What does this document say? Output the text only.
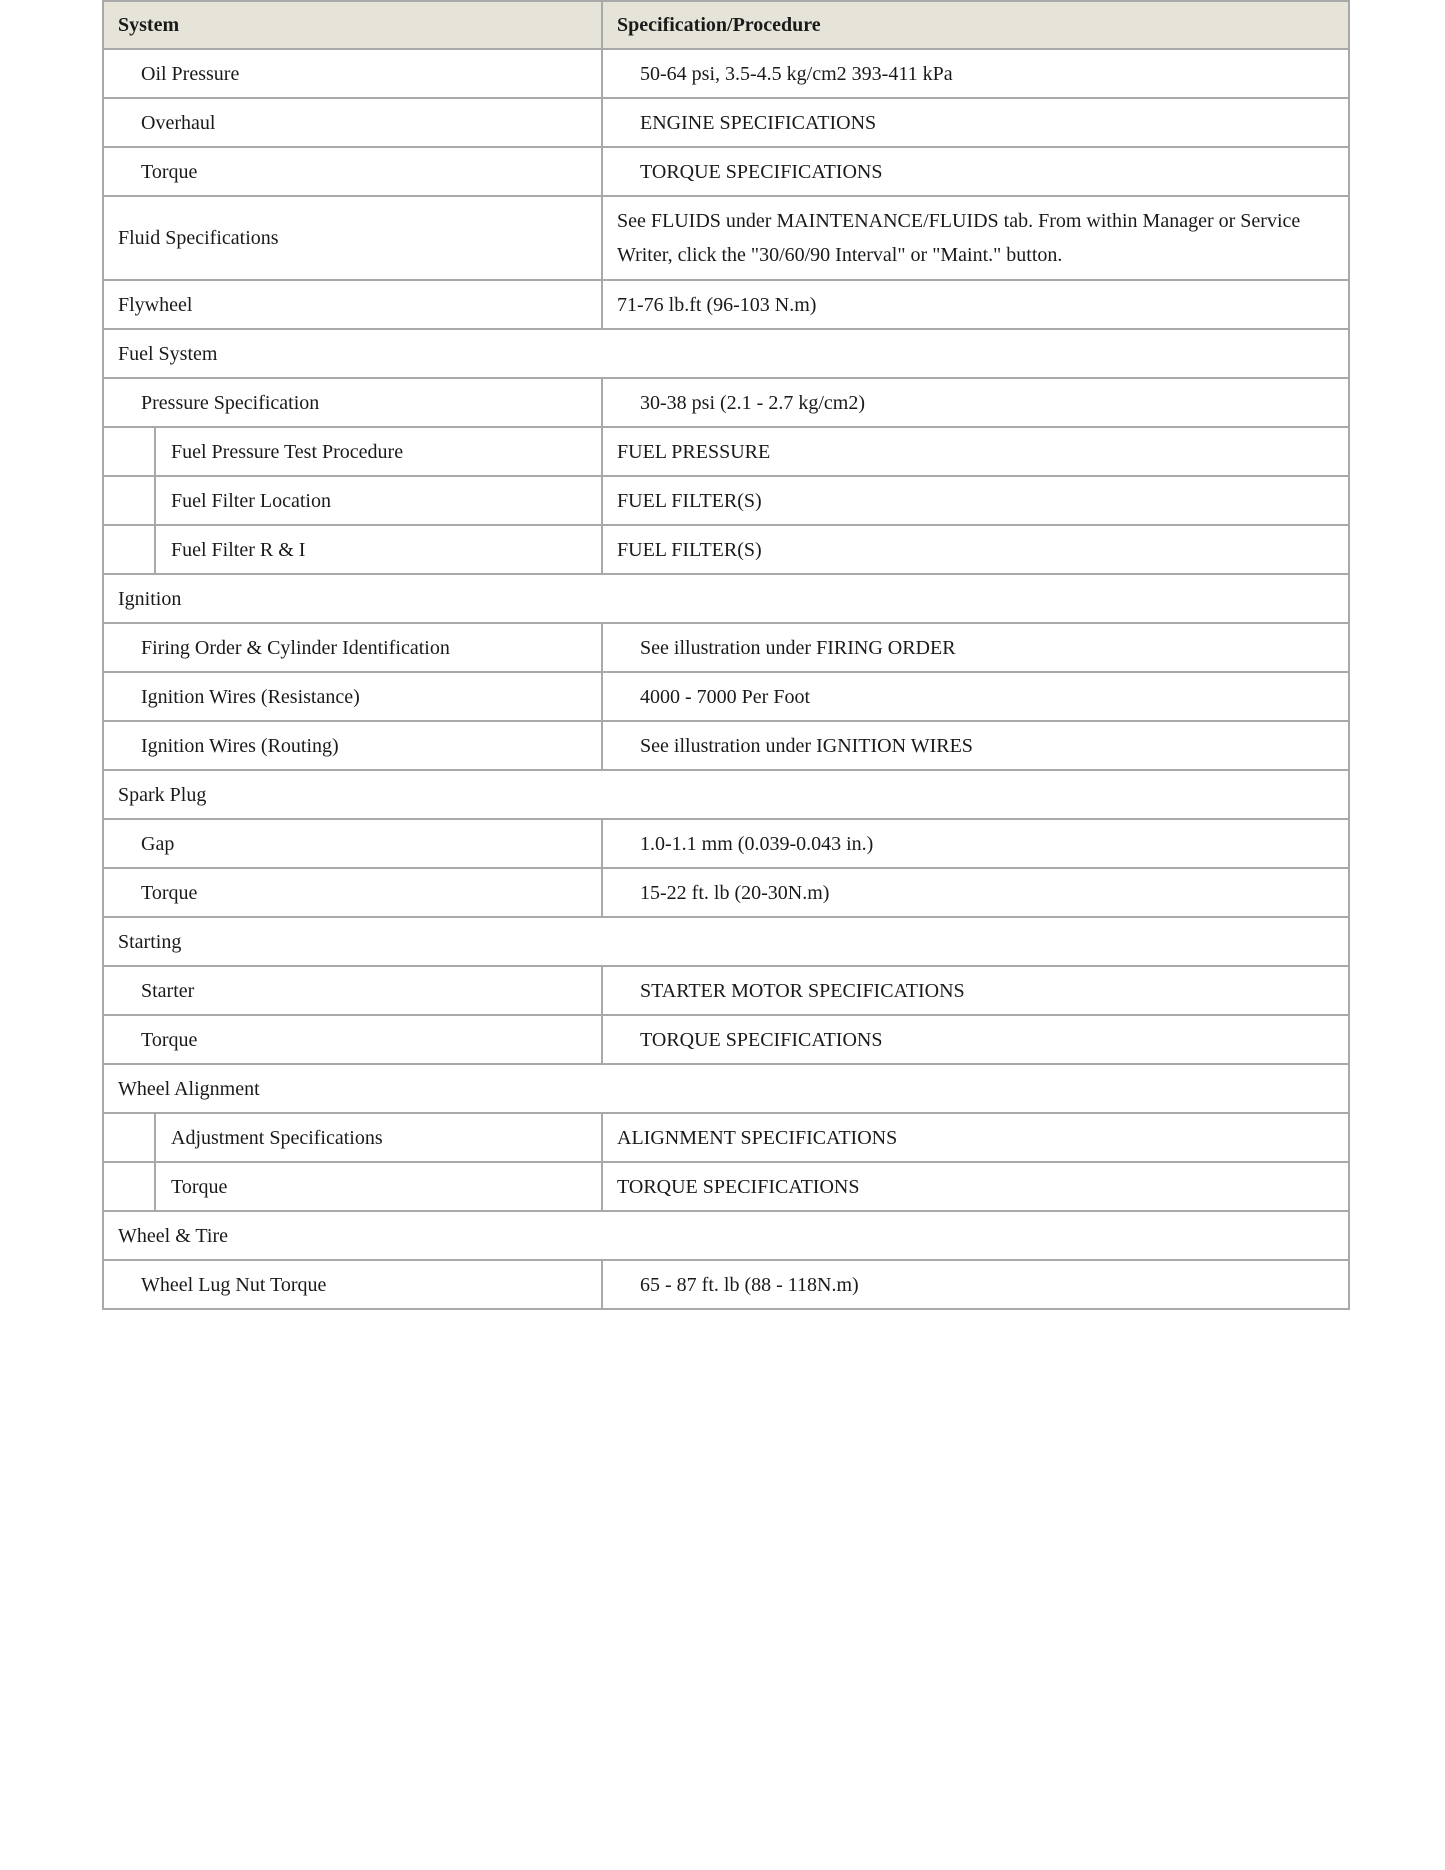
System		Specification/Procedure
Oil Pressure		50-64 psi, 3.5-4.5 kg/cm2 393-411 kPa
Overhaul		ENGINE SPECIFICATIONS
Torque		TORQUE SPECIFICATIONS
Fluid Specifications		See FLUIDS under MAINTENANCE/FLUIDS tab. From within Manager or Service Writer, click the "30/60/90 Interval" or "Maint." button.
Flywheel		71-76 lb.ft (96-103 N.m)
Fuel System		
Pressure Specification		30-38 psi (2.1 - 2.7 kg/cm2)
	Fuel Pressure Test Procedure	FUEL PRESSURE
	Fuel Filter Location	FUEL FILTER(S)
	Fuel Filter R & I	FUEL FILTER(S)
Ignition		
Firing Order & Cylinder Identification		See illustration under FIRING ORDER
Ignition Wires (Resistance)		4000 - 7000 Per Foot
Ignition Wires (Routing)		See illustration under IGNITION WIRES
Spark Plug		
Gap		1.0-1.1 mm (0.039-0.043 in.)
Torque		15-22 ft. lb (20-30N.m)
Starting		
Starter		STARTER MOTOR SPECIFICATIONS
Torque		TORQUE SPECIFICATIONS
Wheel Alignment		
	Adjustment Specifications	ALIGNMENT SPECIFICATIONS
	Torque	TORQUE SPECIFICATIONS
Wheel & Tire		
Wheel Lug Nut Torque		65 - 87 ft. lb (88 - 118N.m)
